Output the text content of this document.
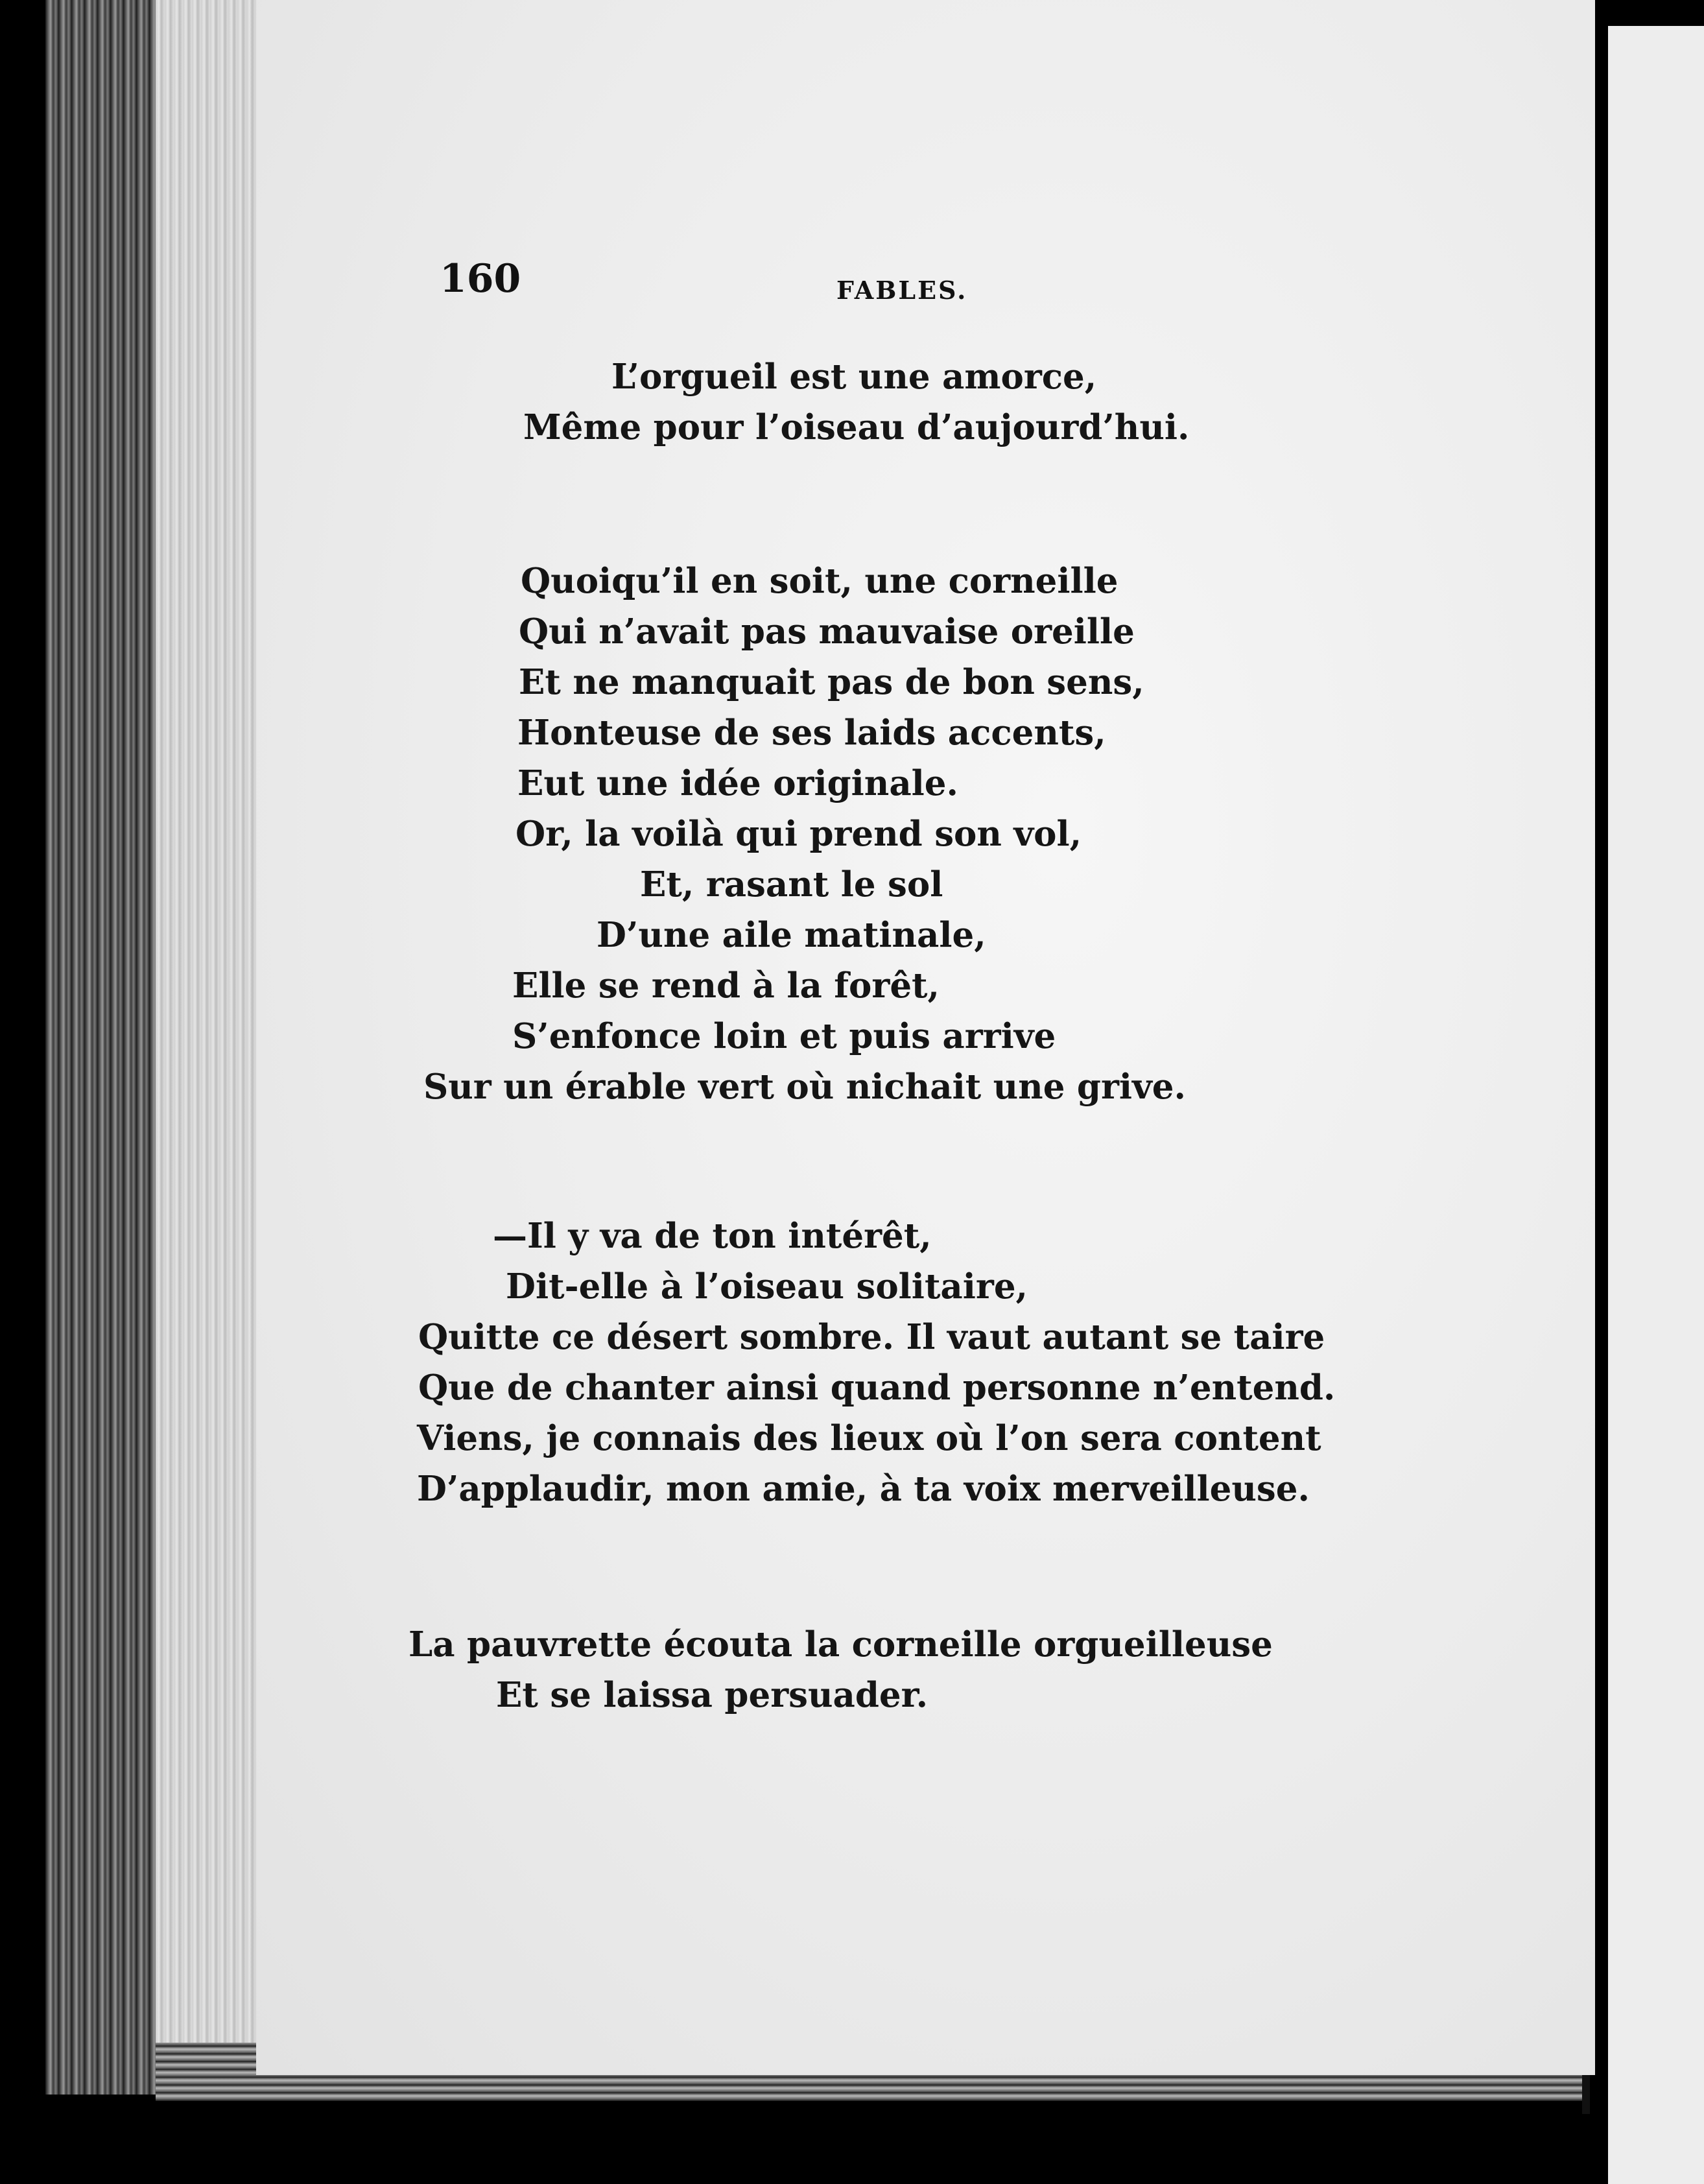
160	FABLES.
L’orgueil est une amorce,
Même pour l’oiseau d’aujourd’hui.
Quoiqu’il en soit, une corneille
Qui n’avait pas mauvaise oreille
Et ne manquait pas de bon sens,
Honteuse de ses laids accents,
Eut une idée originale.
Or, la voilà qui prend son vol,
Et, rasant le sol
D’une aile matinale,
Elle se rend à la forêt,
S’enfonce loin et puis arrive
Sur un érable vert où nichait une grive.
—Il y va de ton intérêt,
Dit-elle à l’oiseau solitaire,
Quitte ce désert sombre. Il vaut autant se taire
Que de chanter ainsi quand personne n’entend.
Viens, je connais des lieux où l’on sera content
D’applaudir, mon amie, à ta voix merveilleuse.
La pauvrette écouta la corneille orgueilleuse
Et se laissa persuader.
